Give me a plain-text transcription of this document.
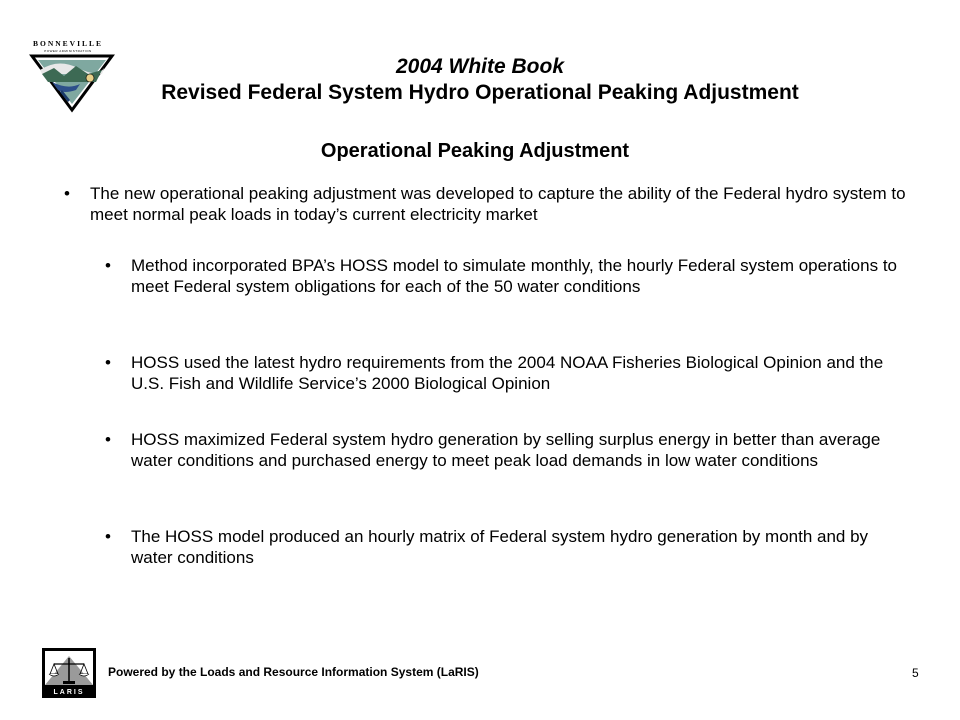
BONNEVILLE
POWER ADMINISTRATION
2004 White Book
Revised Federal System Hydro Operational Peaking Adjustment
Operational Peaking Adjustment
• The new operational peaking adjustment was developed to capture the ability of the Federal hydro system to meet normal peak loads in today’s current electricity market
• Method incorporated BPA’s HOSS model to simulate monthly, the hourly Federal system operations to meet Federal system obligations for each of the 50 water conditions
• HOSS used the latest hydro requirements from the 2004 NOAA Fisheries Biological Opinion and the U.S. Fish and Wildlife Service’s 2000 Biological Opinion
• HOSS maximized Federal system hydro generation by selling surplus energy in better than average water conditions and purchased energy to meet peak load demands in low water conditions
• The HOSS model produced an hourly matrix of Federal system hydro generation by month and by water conditions
LARIS
Powered by the Loads and Resource Information System (LaRIS)	5
